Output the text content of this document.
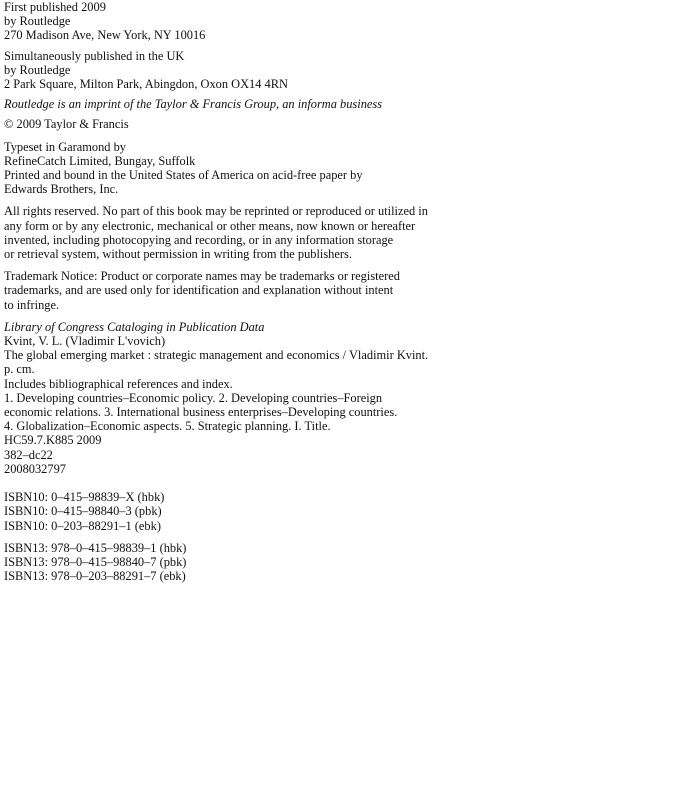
First published 2009
by Routledge
270 Madison Ave, New York, NY 10016
Simultaneously published in the UK
by Routledge
2 Park Square, Milton Park, Abingdon, Oxon OX14 4RN
Routledge is an imprint of the Taylor & Francis Group, an informa business
© 2009 Taylor & Francis
Typeset in Garamond by
RefineCatch Limited, Bungay, Suffolk
Printed and bound in the United States of America on acid-free paper by
Edwards Brothers, Inc.
All rights reserved. No part of this book may be reprinted or reproduced or utilized in
any form or by any electronic, mechanical or other means, now known or hereafter
invented, including photocopying and recording, or in any information storage
or retrieval system, without permission in writing from the publishers.
Trademark Notice: Product or corporate names may be trademarks or registered
trademarks, and are used only for identification and explanation without intent
to infringe.
Library of Congress Cataloging in Publication Data
Kvint, V. L. (Vladimir L'vovich)
The global emerging market : strategic management and economics / Vladimir Kvint.
p. cm.
Includes bibliographical references and index.
1. Developing countries–Economic policy. 2. Developing countries–Foreign
economic relations. 3. International business enterprises–Developing countries.
4. Globalization–Economic aspects. 5. Strategic planning. I. Title.
HC59.7.K885 2009
382–dc22
2008032797
ISBN10: 0–415–98839–X (hbk)
ISBN10: 0–415–98840–3 (pbk)
ISBN10: 0–203–88291–1 (ebk)
ISBN13: 978–0–415–98839–1 (hbk)
ISBN13: 978–0–415–98840–7 (pbk)
ISBN13: 978–0–203–88291–7 (ebk)
